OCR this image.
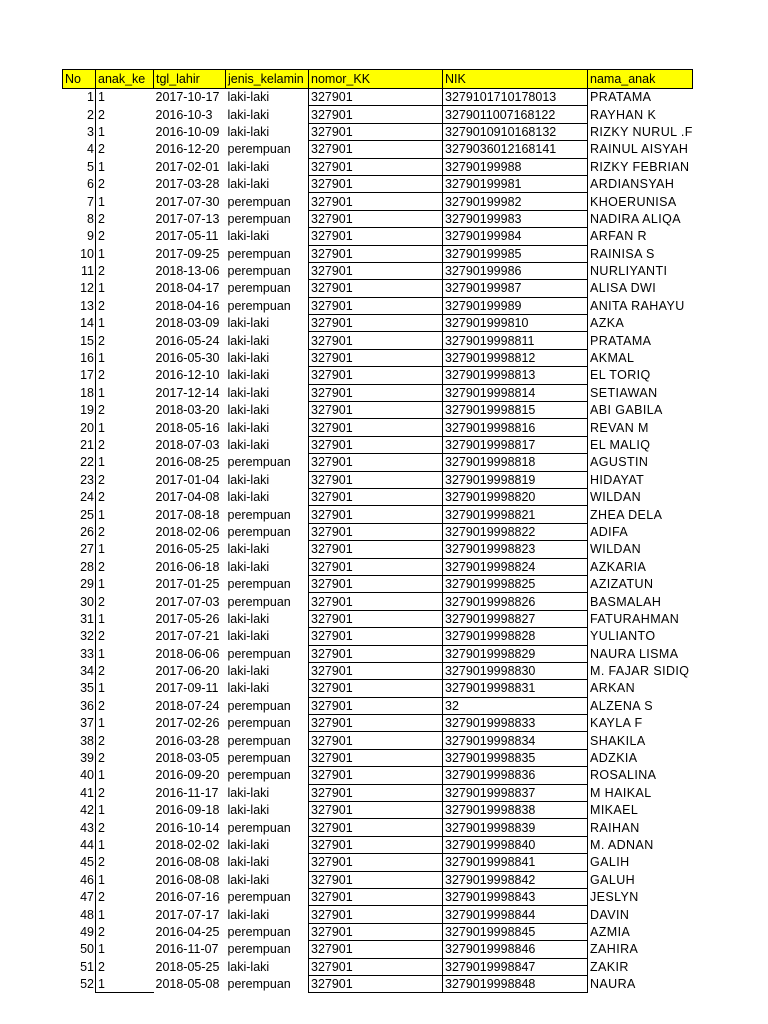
No	anak_ke	tgl_lahir	jenis_kelamin	nomor_KK	NIK	nama_anak
1	1	2017-10-17	laki-laki	327901	3279101710178013	PRATAMA
2	2	2016-10-3	laki-laki	327901	3279011007168122	RAYHAN K
3	1	2016-10-09	laki-laki	327901	3279010910168132	RIZKY NURUL .F
4	2	2016-12-20	perempuan	327901	3279036012168141	RAINUL AISYAH
5	1	2017-02-01	laki-laki	327901	32790199988	RIZKY FEBRIAN
6	2	2017-03-28	laki-laki	327901	32790199981	ARDIANSYAH
7	1	2017-07-30	perempuan	327901	32790199982	KHOERUNISA
8	2	2017-07-13	perempuan	327901	32790199983	NADIRA ALIQA
9	2	2017-05-11	laki-laki	327901	32790199984	ARFAN R
10	1	2017-09-25	perempuan	327901	32790199985	RAINISA S
11	2	2018-13-06	perempuan	327901	32790199986	NURLIYANTI
12	1	2018-04-17	perempuan	327901	32790199987	ALISA DWI
13	2	2018-04-16	perempuan	327901	32790199989	ANITA RAHAYU
14	1	2018-03-09	laki-laki	327901	327901999810	AZKA
15	2	2016-05-24	laki-laki	327901	3279019998811	PRATAMA
16	1	2016-05-30	laki-laki	327901	3279019998812	AKMAL
17	2	2016-12-10	laki-laki	327901	3279019998813	EL TORIQ
18	1	2017-12-14	laki-laki	327901	3279019998814	SETIAWAN
19	2	2018-03-20	laki-laki	327901	3279019998815	ABI GABILA
20	1	2018-05-16	laki-laki	327901	3279019998816	REVAN M
21	2	2018-07-03	laki-laki	327901	3279019998817	EL MALIQ
22	1	2016-08-25	perempuan	327901	3279019998818	AGUSTIN
23	2	2017-01-04	laki-laki	327901	3279019998819	HIDAYAT
24	2	2017-04-08	laki-laki	327901	3279019998820	WILDAN
25	1	2017-08-18	perempuan	327901	3279019998821	ZHEA DELA
26	2	2018-02-06	perempuan	327901	3279019998822	ADIFA
27	1	2016-05-25	laki-laki	327901	3279019998823	WILDAN
28	2	2016-06-18	laki-laki	327901	3279019998824	AZKARIA
29	1	2017-01-25	perempuan	327901	3279019998825	AZIZATUN
30	2	2017-07-03	perempuan	327901	3279019998826	BASMALAH
31	1	2017-05-26	laki-laki	327901	3279019998827	FATURAHMAN
32	2	2017-07-21	laki-laki	327901	3279019998828	YULIANTO
33	1	2018-06-06	perempuan	327901	3279019998829	NAURA LISMA
34	2	2017-06-20	laki-laki	327901	3279019998830	M. FAJAR SIDIQ
35	1	2017-09-11	laki-laki	327901	3279019998831	ARKAN
36	2	2018-07-24	perempuan	327901	32	ALZENA S
37	1	2017-02-26	perempuan	327901	3279019998833	KAYLA F
38	2	2016-03-28	perempuan	327901	3279019998834	SHAKILA
39	2	2018-03-05	perempuan	327901	3279019998835	ADZKIA
40	1	2016-09-20	perempuan	327901	3279019998836	ROSALINA
41	2	2016-11-17	laki-laki	327901	3279019998837	M HAIKAL
42	1	2016-09-18	laki-laki	327901	3279019998838	MIKAEL
43	2	2016-10-14	perempuan	327901	3279019998839	RAIHAN
44	1	2018-02-02	laki-laki	327901	3279019998840	M. ADNAN
45	2	2016-08-08	laki-laki	327901	3279019998841	GALIH
46	1	2016-08-08	laki-laki	327901	3279019998842	GALUH
47	2	2016-07-16	perempuan	327901	3279019998843	JESLYN
48	1	2017-07-17	laki-laki	327901	3279019998844	DAVIN
49	2	2016-04-25	perempuan	327901	3279019998845	AZMIA
50	1	2016-11-07	perempuan	327901	3279019998846	ZAHIRA
51	2	2018-05-25	laki-laki	327901	3279019998847	ZAKIR
52	1	2018-05-08	perempuan	327901	3279019998848	NAURA
